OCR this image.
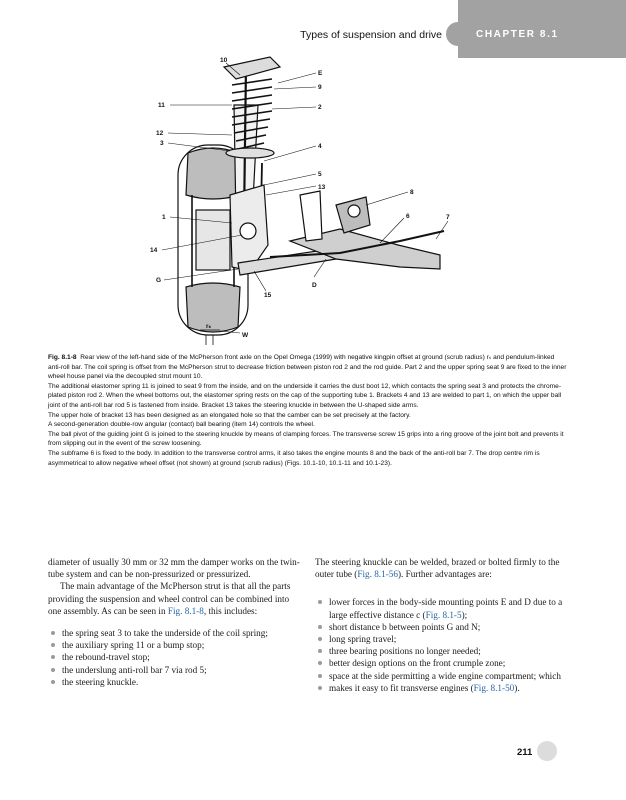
Types of suspension and drive	CHAPTER 8.1
10
E
9
11	2
12
3	4
5
13
8
6	7
1
14
G
D
15
rₛ
W

Fig. 8.1-8 Rear view of the left-hand side of the McPherson front axle on the Opel Omega (1999) with negative kingpin offset at ground (scrub radius) rₛ and pendulum-linked anti-roll bar. The coil spring is offset from the McPherson strut to decrease friction between piston rod 2 and the rod guide. Part 2 and the upper spring seat 9 are fixed to the inner wheel house panel via the decoupled strut mount 10.

The additional elastomer spring 11 is joined to seat 9 from the inside, and on the underside it carries the dust boot 12, which contacts the spring seat 3 and protects the chrome-plated piston rod 2. When the wheel bottoms out, the elastomer spring rests on the cap of the supporting tube 1. Brackets 4 and 13 are welded to part 1, on which the upper ball joint of the anti-roll bar rod 5 is fastened from inside. Bracket 13 takes the steering knuckle in between the U-shaped side arms.

The upper hole of bracket 13 has been designed as an elongated hole so that the camber can be set precisely at the factory.

A second-generation double-row angular (contact) ball bearing (item 14) controls the wheel.

The ball pivot of the guiding joint G is joined to the steering knuckle by means of clamping forces. The transverse screw 15 grips into a ring groove of the joint bolt and prevents it from slipping out in the event of the screw loosening.

The subframe 6 is fixed to the body. In addition to the transverse control arms, it also takes the engine mounts 8 and the back of the anti-roll bar 7. The drop centre rim is asymmetrical to allow negative wheel offset (not shown) at ground (scrub radius) (Figs. 10.1-10, 10.1-11 and 10.1-23).

diameter of usually 30 mm or 32 mm the damper works on the twin-tube system and can be non-pressurized or pressurized.

The main advantage of the McPherson strut is that all the parts providing the suspension and wheel control can be combined into one assembly. As can be seen in Fig. 8.1-8, this includes:

the spring seat 3 to take the underside of the coil spring;
the auxiliary spring 11 or a bump stop;
the rebound-travel stop;
the underslung anti-roll bar 7 via rod 5;
the steering knuckle.

The steering knuckle can be welded, brazed or bolted firmly to the outer tube (Fig. 8.1-56). Further advantages are:

lower forces in the body-side mounting points E and D due to a large effective distance c (Fig. 8.1-5);
short distance b between points G and N;
long spring travel;
three bearing positions no longer needed;
better design options on the front crumple zone;
space at the side permitting a wide engine compartment; which
makes it easy to fit transverse engines (Fig. 8.1-50).
211
